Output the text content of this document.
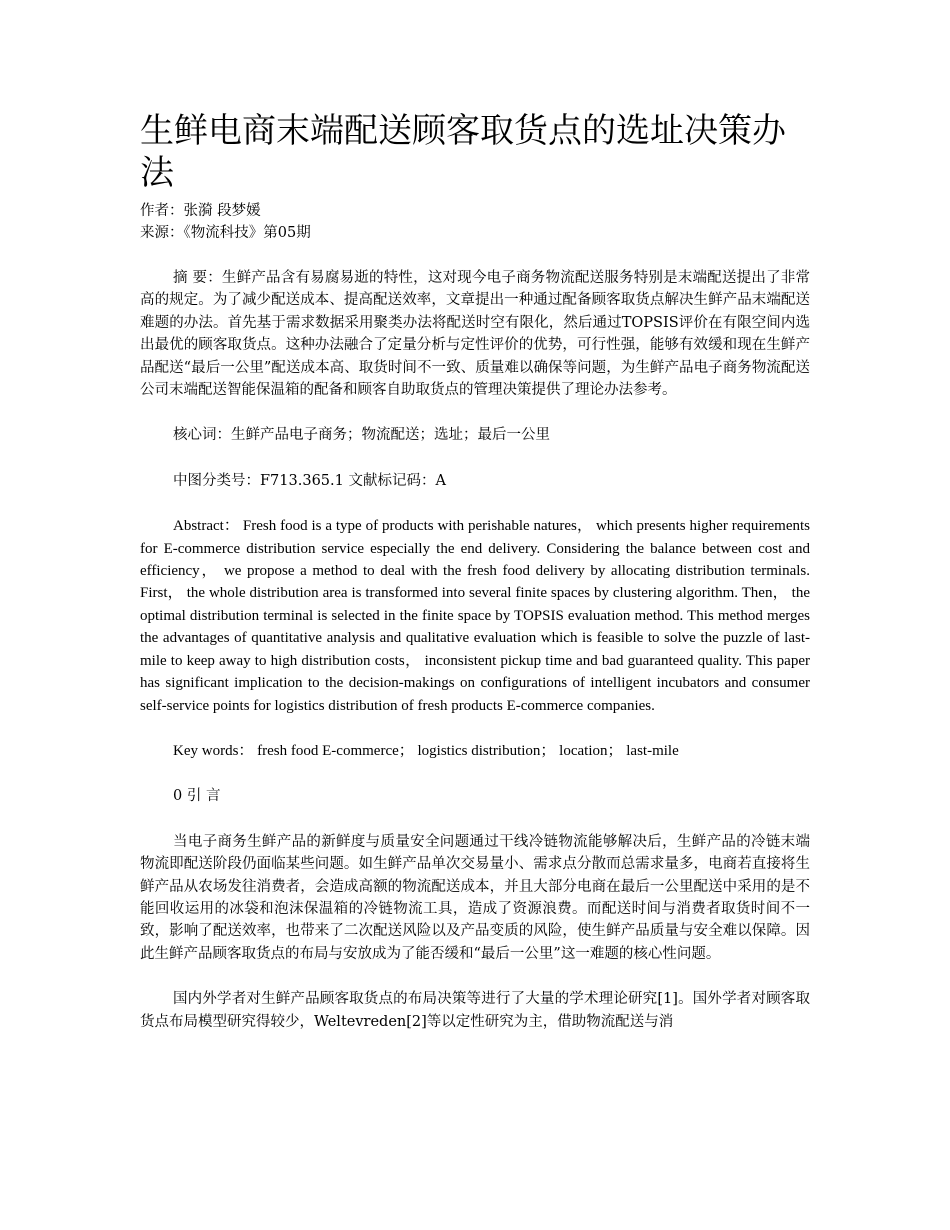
生鲜电商末端配送顾客取货点的选址决策办法

作者：张漪 段梦媛

来源：《物流科技》第05期

摘 要：生鲜产品含有易腐易逝的特性，这对现今电子商务物流配送服务特别是末端配送提出了非常高的规定。为了减少配送成本、提高配送效率，文章提出一种通过配备顾客取货点解决生鲜产品末端配送难题的办法。首先基于需求数据采用聚类办法将配送时空有限化，然后通过TOPSIS评价在有限空间内选出最优的顾客取货点。这种办法融合了定量分析与定性评价的优势，可行性强，能够有效缓和现在生鲜产品配送“最后一公里”配送成本高、取货时间不一致、质量难以确保等问题，为生鲜产品电子商务物流配送公司末端配送智能保温箱的配备和顾客自助取货点的管理决策提供了理论办法参考。

核心词：生鲜产品电子商务；物流配送；选址；最后一公里

中图分类号：F713.365.1 文献标记码：A

Abstract： Fresh food is a type of products with perishable natures， which presents higher requirements for E-commerce distribution service especially the end delivery. Considering the balance between cost and efficiency， we propose a method to deal with the fresh food delivery by allocating distribution terminals. First， the whole distribution area is transformed into several finite spaces by clustering algorithm. Then， the optimal distribution terminal is selected in the finite space by TOPSIS evaluation method. This method merges the advantages of quantitative analysis and qualitative evaluation which is feasible to solve the puzzle of last-mile to keep away to high distribution costs， inconsistent pickup time and bad guaranteed quality. This paper has significant implication to the decision-makings on configurations of intelligent incubators and consumer self-service points for logistics distribution of fresh products E-commerce companies.

Key words： fresh food E-commerce； logistics distribution； location； last-mile

0 引 言

当电子商务生鲜产品的新鲜度与质量安全问题通过干线冷链物流能够解决后，生鲜产品的冷链末端物流即配送阶段仍面临某些问题。如生鲜产品单次交易量小、需求点分散而总需求量多，电商若直接将生鲜产品从农场发往消费者，会造成高额的物流配送成本，并且大部分电商在最后一公里配送中采用的是不能回收运用的冰袋和泡沫保温箱的冷链物流工具，造成了资源浪费。而配送时间与消费者取货时间不一致，影响了配送效率，也带来了二次配送风险以及产品变质的风险，使生鲜产品质量与安全难以保障。因此生鲜产品顾客取货点的布局与安放成为了能否缓和“最后一公里”这一难题的核心性问题。

国内外学者对生鲜产品顾客取货点的布局决策等进行了大量的学术理论研究[1]。国外学者对顾客取货点布局模型研究得较少，Weltevreden[2]等以定性研究为主，借助物流配送与消
